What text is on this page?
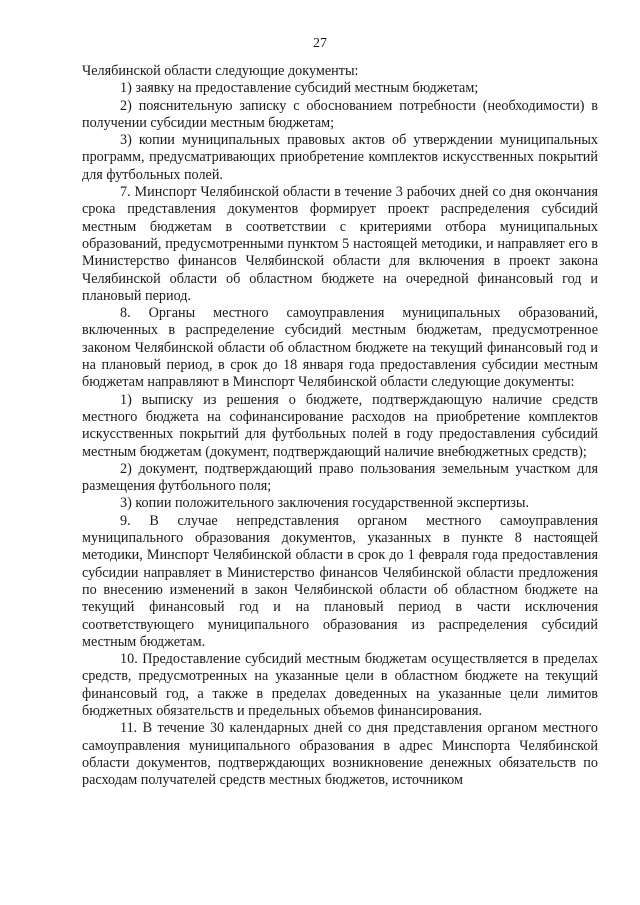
27

Челябинской области следующие документы:

1) заявку на предоставление субсидий местным бюджетам;

2) пояснительную записку с обоснованием потребности (необходимости) в получении субсидии местным бюджетам;

3) копии муниципальных правовых актов об утверждении муниципальных программ, предусматривающих приобретение комплектов искусственных покрытий для футбольных полей.

7. Минспорт Челябинской области в течение 3 рабочих дней со дня окончания срока представления документов формирует проект распределения субсидий местным бюджетам в соответствии с критериями отбора муниципальных образований, предусмотренными пунктом 5 настоящей методики, и направляет его в Министерство финансов Челябинской области для включения в проект закона Челябинской области об областном бюджете на очередной финансовый год и плановый период.

8. Органы местного самоуправления муниципальных образований, включенных в распределение субсидий местным бюджетам, предусмотренное законом Челябинской области об областном бюджете на текущий финансовый год и на плановый период, в срок до 18 января года предоставления субсидии местным бюджетам направляют в Минспорт Челябинской области следующие документы:

1) выписку из решения о бюджете, подтверждающую наличие средств местного бюджета на софинансирование расходов на приобретение комплектов искусственных покрытий для футбольных полей в году предоставления субсидий местным бюджетам (документ, подтверждающий наличие внебюджетных средств);

2) документ, подтверждающий право пользования земельным участком для размещения футбольного поля;

3) копии положительного заключения государственной экспертизы.

9. В случае непредставления органом местного самоуправления муниципального образования документов, указанных в пункте 8 настоящей методики, Минспорт Челябинской области в срок до 1 февраля года предоставления субсидии направляет в Министерство финансов Челябинской области предложения по внесению изменений в закон Челябинской области об областном бюджете на текущий финансовый год и на плановый период в части исключения соответствующего муниципального образования из распределения субсидий местным бюджетам.

10. Предоставление субсидий местным бюджетам осуществляется в пределах средств, предусмотренных на указанные цели в областном бюджете на текущий финансовый год, а также в пределах доведенных на указанные цели лимитов бюджетных обязательств и предельных объемов финансирования.

11. В течение 30 календарных дней со дня представления органом местного самоуправления муниципального образования в адрес Минспорта Челябинской области документов, подтверждающих возникновение денежных обязательств по расходам получателей средств местных бюджетов, источником
